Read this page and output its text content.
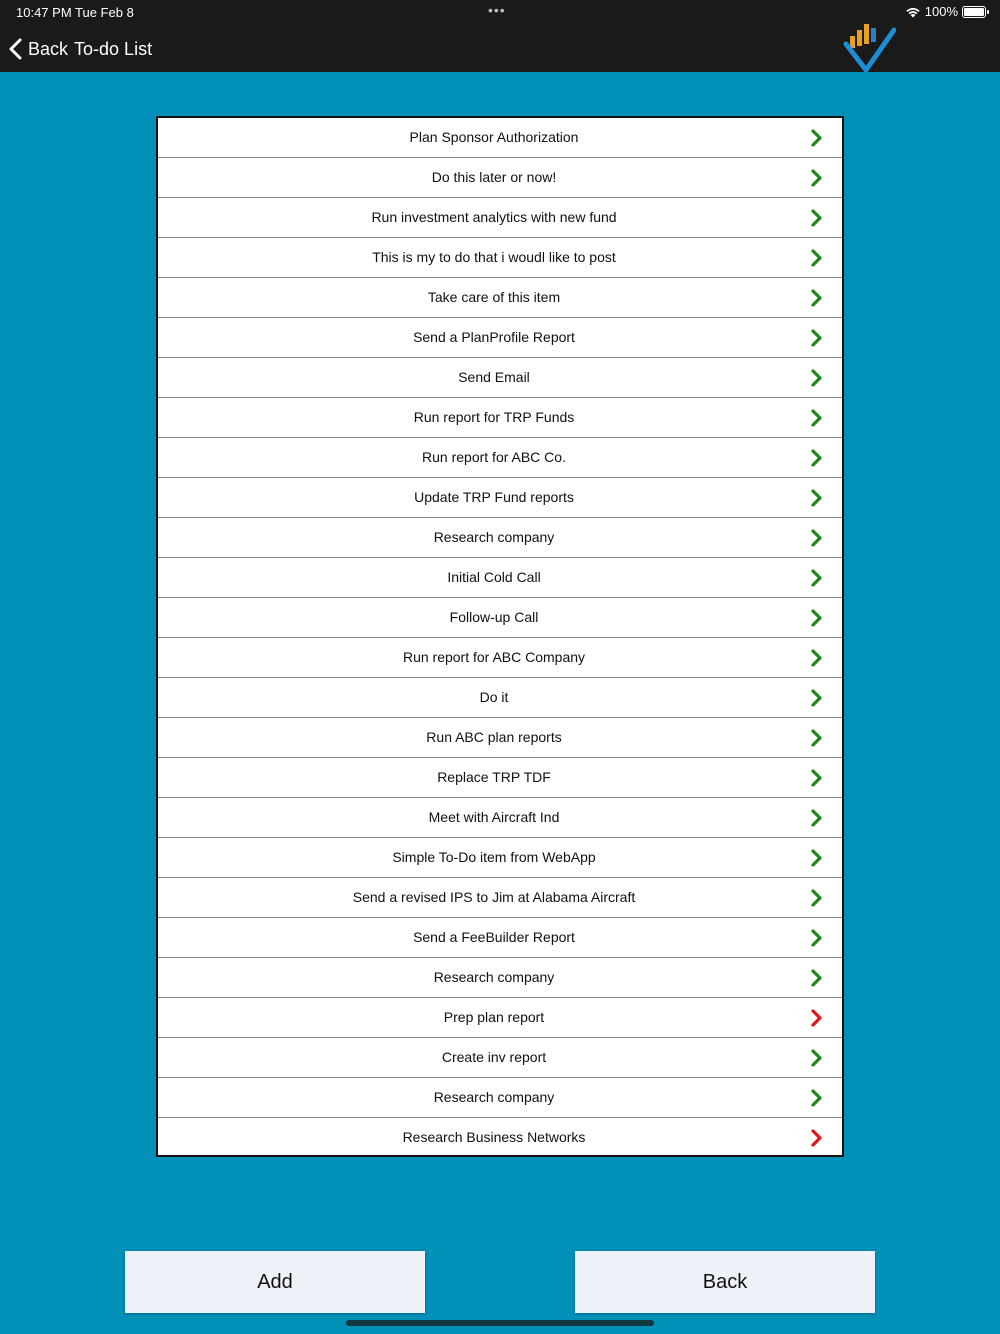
10:47 PM Tue Feb 8	•••	100%
Back To-do List
Plan Sponsor Authorization
Do this later or now!
Run investment analytics with new fund
This is my to do that i woudl like to post
Take care of this item
Send a PlanProfile Report
Send Email
Run report for TRP Funds
Run report for ABC Co.
Update TRP Fund reports
Research company
Initial Cold Call
Follow-up Call
Run report for ABC Company
Do it
Run ABC plan reports
Replace TRP TDF
Meet with Aircraft Ind
Simple To-Do item from WebApp
Send a revised IPS to Jim at Alabama Aircraft
Send a FeeBuilder Report
Research company
Prep plan report
Create inv report
Research company
Research Business Networks
Add	Back
